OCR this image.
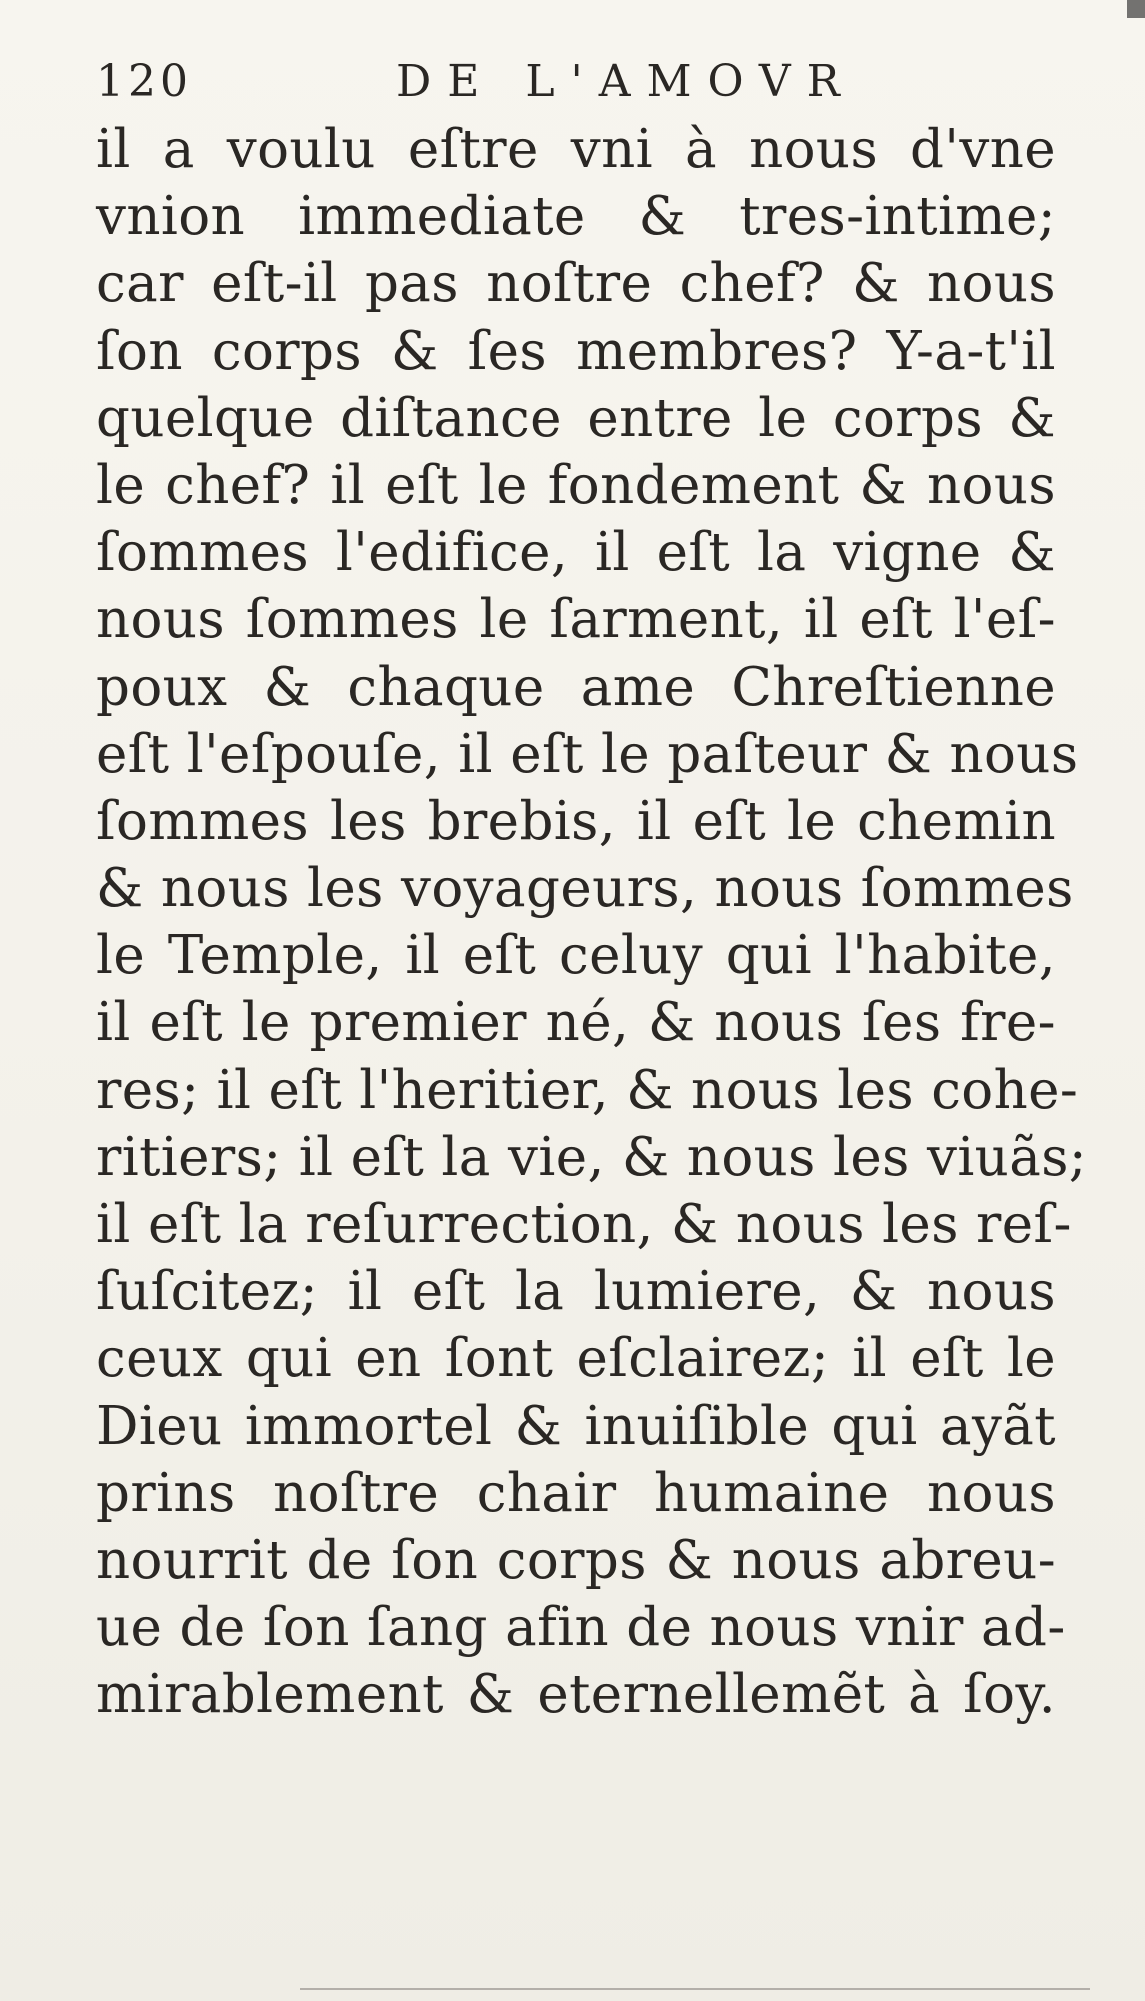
120	DE L'AMOVR
il a voulu eſtre vni à nous d'vne
vnion immediate & tres-intime;
car eſt-il pas noſtre chef? & nous
ſon corps & ſes membres? Y-a-t'il
quelque diſtance entre le corps &
le chef? il eſt le fondement & nous
ſommes l'edifice, il eſt la vigne &
nous ſommes le ſarment, il eſt l'eſ-
poux & chaque ame Chreſtienne
eſt l'eſpouſe, il eſt le paſteur & nous
ſommes les brebis, il eſt le chemin
& nous les voyageurs, nous ſommes
le Temple, il eſt celuy qui l'habite,
il eſt le premier né, & nous ſes fre-
res; il eſt l'heritier, & nous les cohe-
ritiers; il eſt la vie, & nous les viuãs;
il eſt la reſurrection, & nous les reſ-
ſuſcitez; il eſt la lumiere, & nous
ceux qui en ſont eſclairez; il eſt le
Dieu immortel & inuiſible qui ayãt
prins noſtre chair humaine nous
nourrit de ſon corps & nous abreu-
ue de ſon ſang afin de nous vnir ad-
mirablement & eternellemẽt à ſoy.
